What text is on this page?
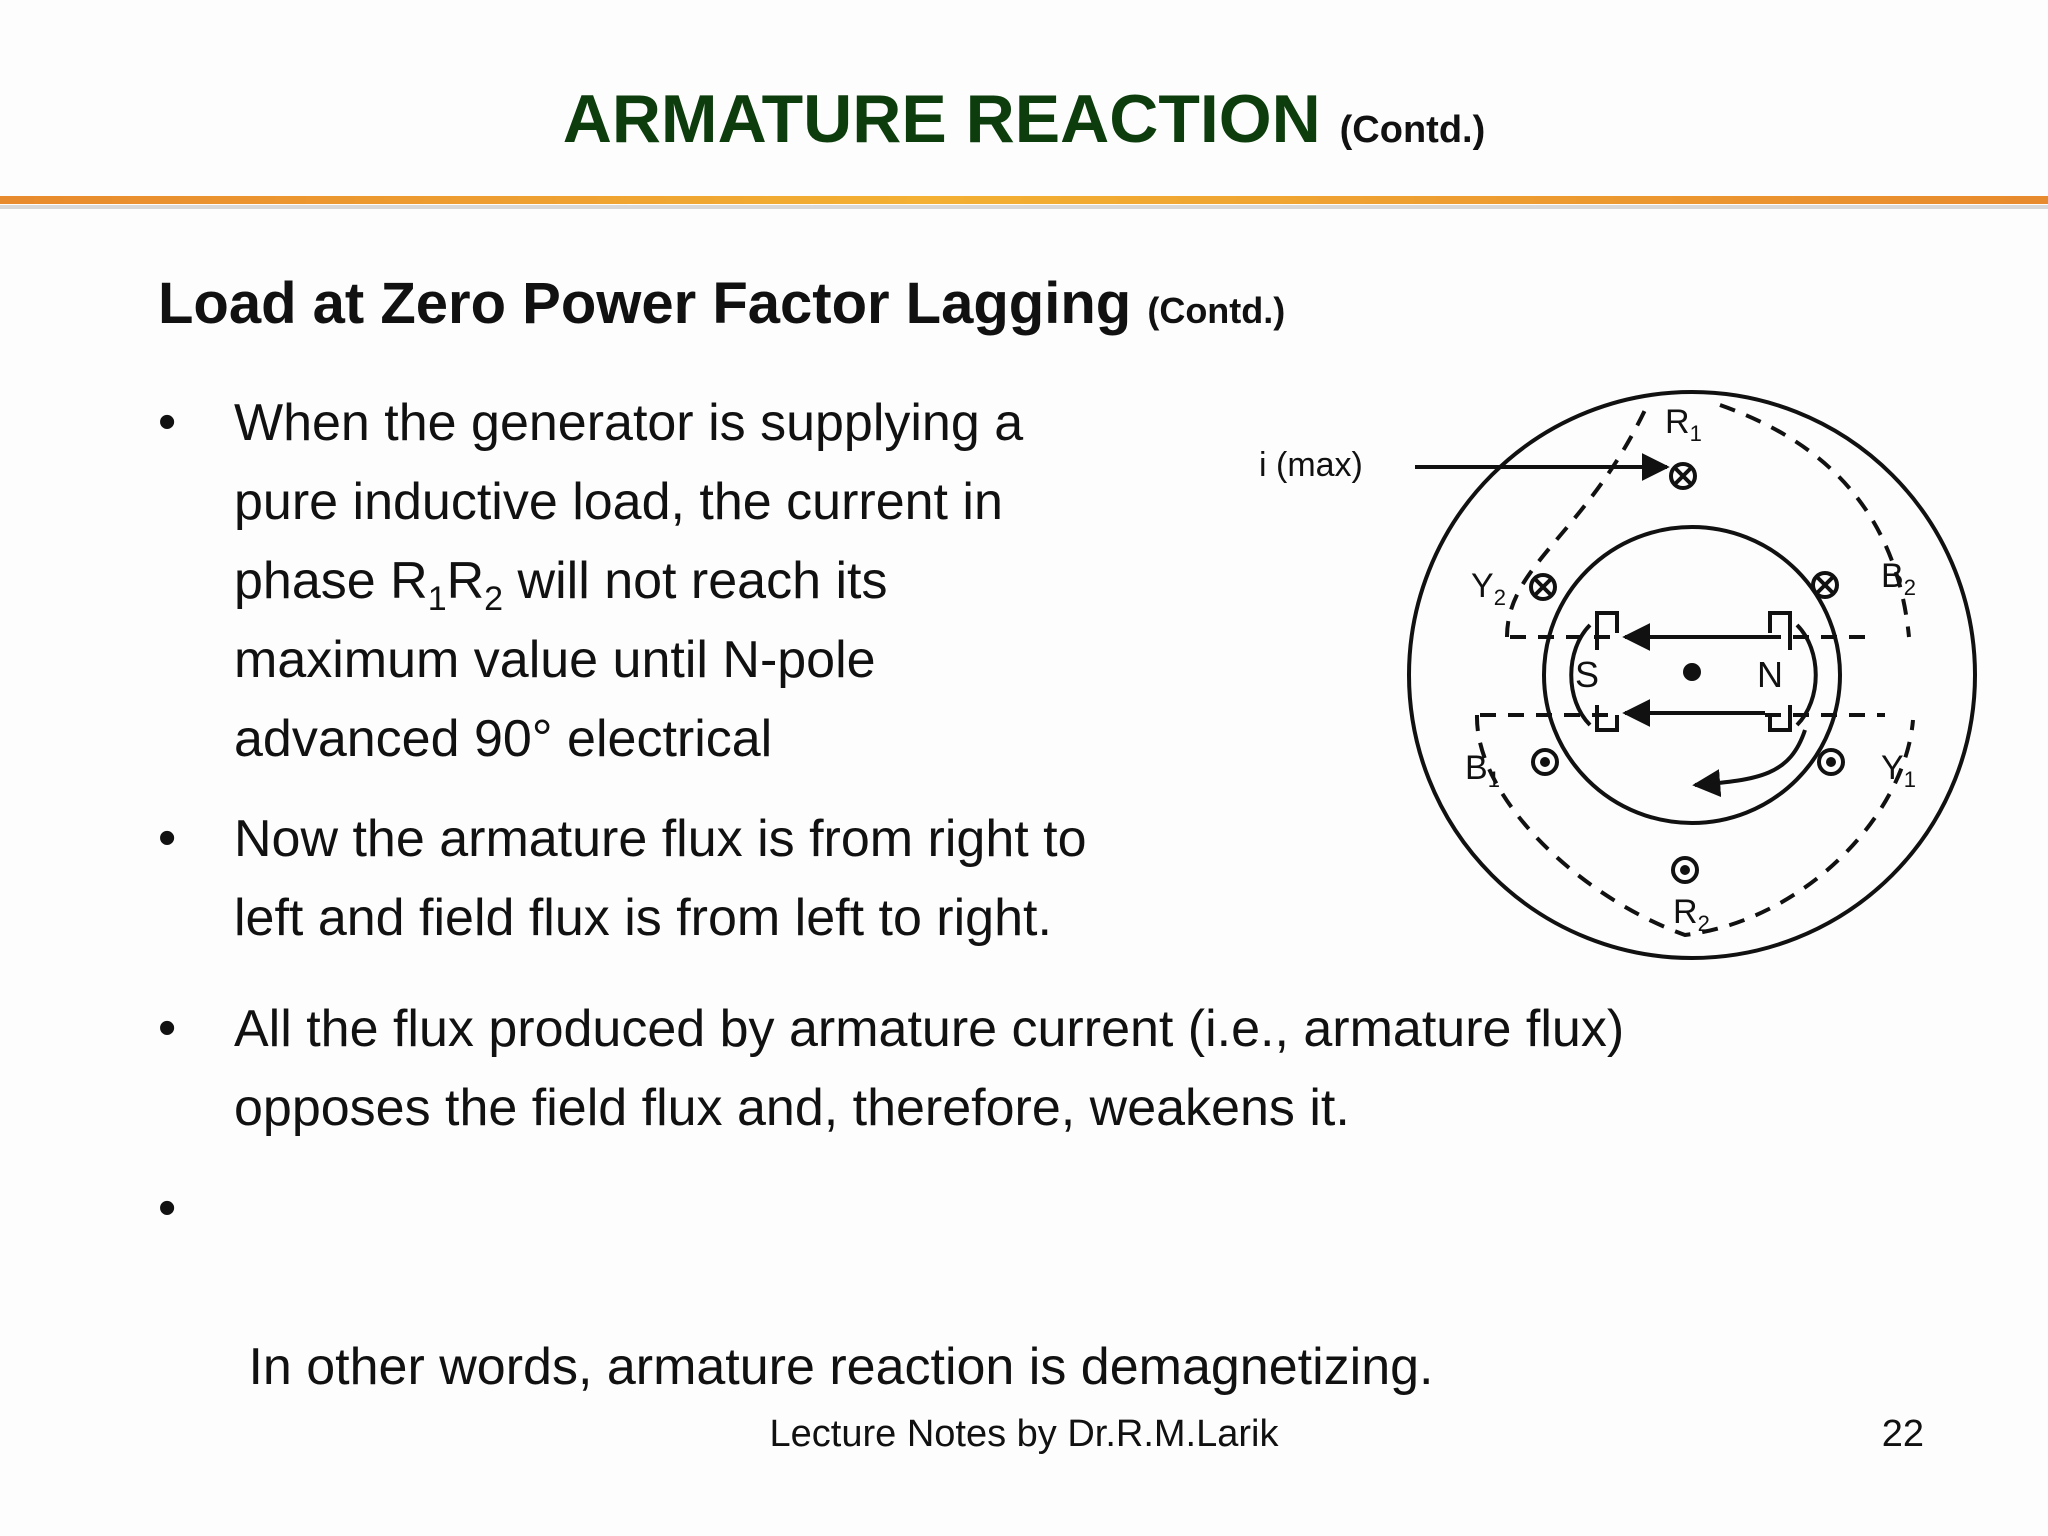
ARMATURE REACTION (Contd.)
Load at Zero Power Factor Lagging (Contd.)
• When the generator is supplying a
pure inductive load, the current in
phase $R_1R_2$ will not reach its
maximum value until N-pole
advanced 90° electrical
• Now the armature flux is from right to
left and field flux is from left to right.
• All the flux produced by armature current (i.e., armature flux)
opposes the field flux and, therefore, weakens it.
•

In other words, armature reaction is demagnetizing.

i (max)
$R_1$
$Y_2$
$B_2$
$B_1$	$Y_1$
$R_2$
S	N
Lecture Notes by Dr.R.M.Larik	22
